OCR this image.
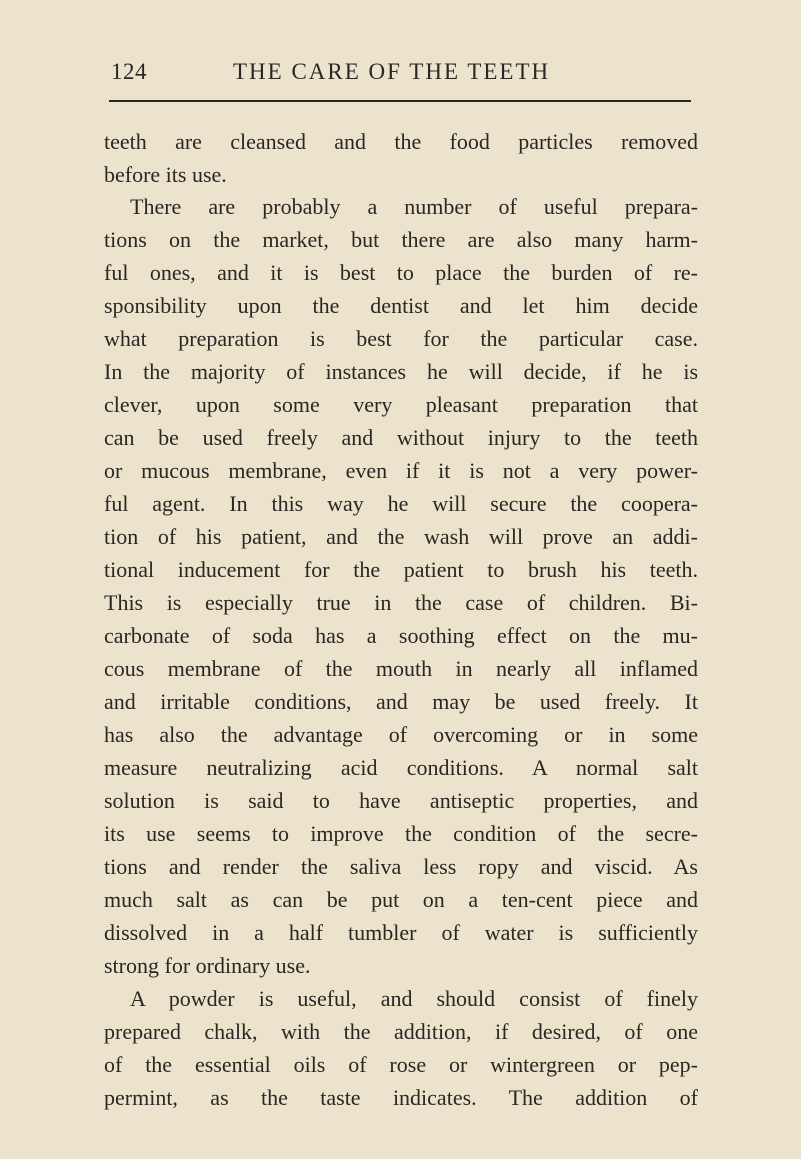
124	THE CARE OF THE TEETH
teeth are cleansed and the food particles removed
before its use.
There are probably a number of useful prepara-
tions on the market, but there are also many harm-
ful ones, and it is best to place the burden of re-
sponsibility upon the dentist and let him decide
what preparation is best for the particular case.
In the majority of instances he will decide, if he is
clever, upon some very pleasant preparation that
can be used freely and without injury to the teeth
or mucous membrane, even if it is not a very power-
ful agent. In this way he will secure the coopera-
tion of his patient, and the wash will prove an addi-
tional inducement for the patient to brush his teeth.
This is especially true in the case of children. Bi-
carbonate of soda has a soothing effect on the mu-
cous membrane of the mouth in nearly all inflamed
and irritable conditions, and may be used freely. It
has also the advantage of overcoming or in some
measure neutralizing acid conditions. A normal salt
solution is said to have antiseptic properties, and
its use seems to improve the condition of the secre-
tions and render the saliva less ropy and viscid. As
much salt as can be put on a ten-cent piece and
dissolved in a half tumbler of water is sufficiently
strong for ordinary use.
A powder is useful, and should consist of finely
prepared chalk, with the addition, if desired, of one
of the essential oils of rose or wintergreen or pep-
permint, as the taste indicates. The addition of
